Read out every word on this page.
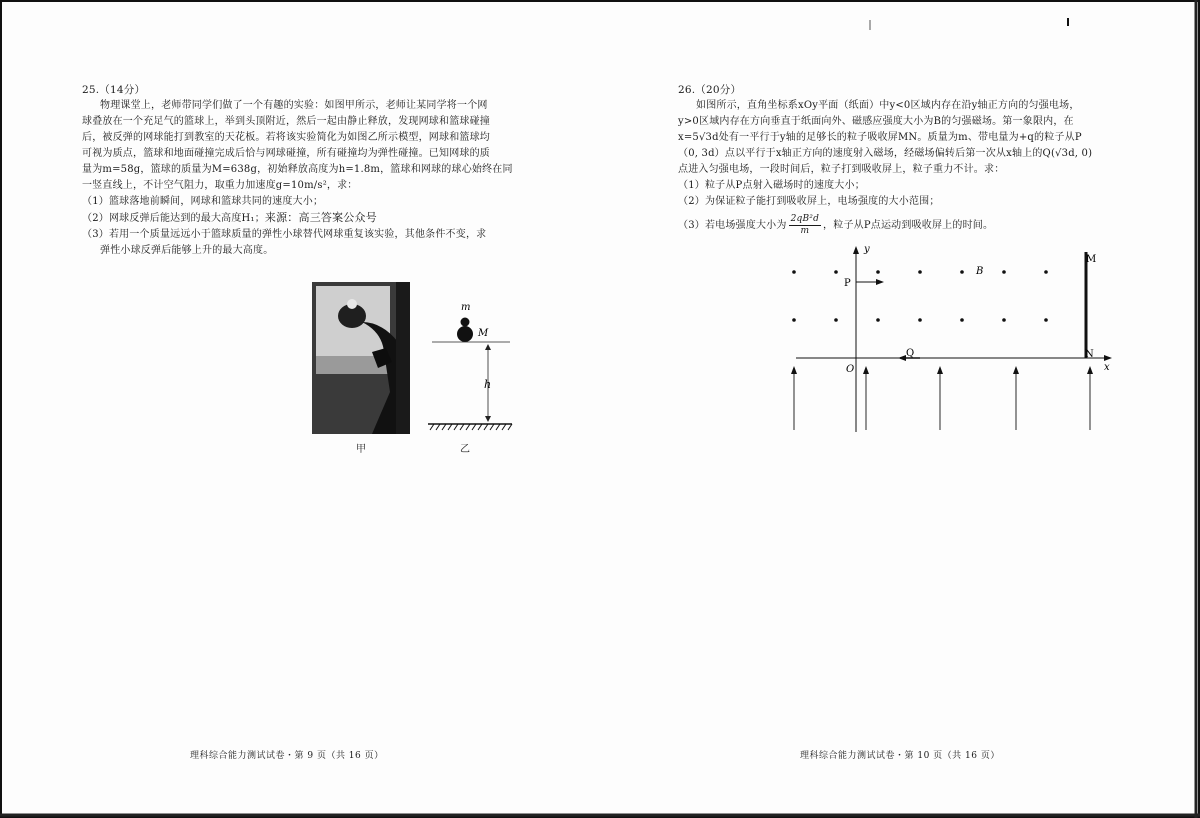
25.（14分）
物理课堂上，老师带同学们做了一个有趣的实验：如图甲所示，老师让某同学将一个网
球叠放在一个充足气的篮球上，举到头顶附近，然后一起由静止释放，发现网球和篮球碰撞
后，被反弹的网球能打到教室的天花板。若将该实验简化为如图乙所示模型，网球和篮球均
可视为质点，篮球和地面碰撞完成后恰与网球碰撞，所有碰撞均为弹性碰撞。已知网球的质
量为m=58g，篮球的质量为M=638g，初始释放高度为h=1.8m，篮球和网球的球心始终在同
一竖直线上，不计空气阻力，取重力加速度g=10m/s²，求：
（1）篮球落地前瞬间，网球和篮球共同的速度大小；
（2）网球反弹后能达到的最大高度H₁；来源：高三答案公众号
（3）若用一个质量远远小于篮球质量的弹性小球替代网球重复该实验，其他条件不变，求
弹性小球反弹后能够上升的最大高度。
甲
m
M
h
乙
理科综合能力测试试卷・第 9 页（共 16 页）
26.（20分）
如图所示，直角坐标系xOy平面（纸面）中y<0区域内存在沿y轴正方向的匀强电场，
y>0区域内存在方向垂直于纸面向外、磁感应强度大小为B的匀强磁场。第一象限内，在
x=5√3d处有一平行于y轴的足够长的粒子吸收屏MN。质量为m、带电量为+q的粒子从P
（0, 3d）点以平行于x轴正方向的速度射入磁场，经磁场偏转后第一次从x轴上的Q(√3d, 0)
点进入匀强电场，一段时间后，粒子打到吸收屏上，粒子重力不计。求：
（1）粒子从P点射入磁场时的速度大小；
（2）为保证粒子能打到吸收屏上，电场强度的大小范围；
（3）若电场强度大小为 $\frac{\text{2qB²d}}{m}$ ，粒子从P点运动到吸收屏上的时间。
y
x
O
M
N
P
Q
B
理科综合能力测试试卷・第 10 页（共 16 页）
